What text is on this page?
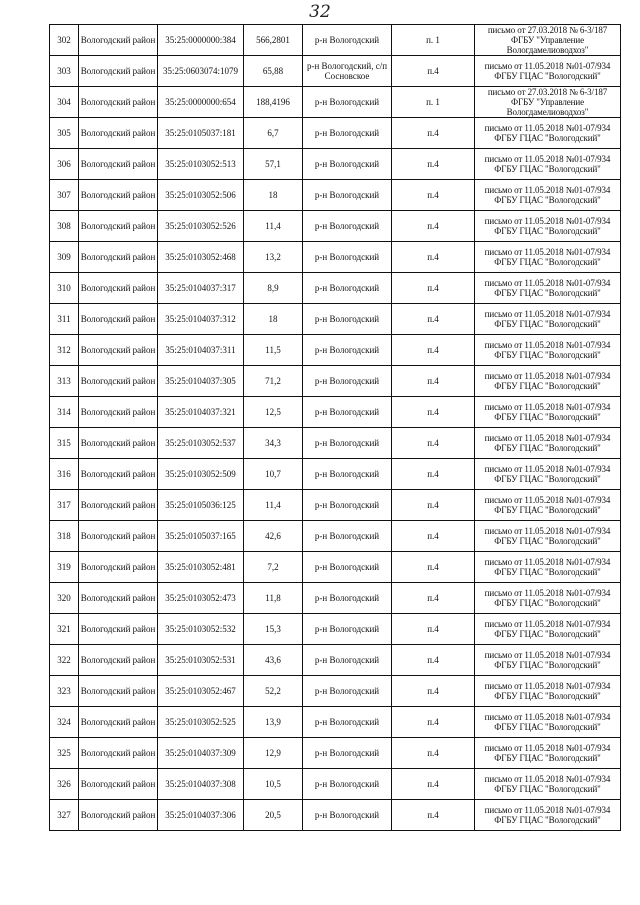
32
302	Вологодский район	35:25:0000000:384	566,2801	р-н Вологодский	п. 1	письмо от 27.03.2018 № 6-3/187 ФГБУ "Управление Вологдамелиоводхоз"
303	Вологодский район	35:25:0603074:1079	65,88	р-н Вологодский, с/п Сосновское	п.4	письмо от 11.05.2018 №01-07/934 ФГБУ ГЦАС "Вологодский"
304	Вологодский район	35:25:0000000:654	188,4196	р-н Вологодский	п. 1	письмо от 27.03.2018 № 6-3/187 ФГБУ "Управление Вологдамелиоводхоз"
305	Вологодский район	35:25:0105037:181	6,7	р-н Вологодский	п.4	письмо от 11.05.2018 №01-07/934 ФГБУ ГЦАС "Вологодский"
306	Вологодский район	35:25:0103052:513	57,1	р-н Вологодский	п.4	письмо от 11.05.2018 №01-07/934 ФГБУ ГЦАС "Вологодский"
307	Вологодский район	35:25:0103052:506	18	р-н Вологодский	п.4	письмо от 11.05.2018 №01-07/934 ФГБУ ГЦАС "Вологодский"
308	Вологодский район	35:25:0103052:526	11,4	р-н Вологодский	п.4	письмо от 11.05.2018 №01-07/934 ФГБУ ГЦАС "Вологодский"
309	Вологодский район	35:25:0103052:468	13,2	р-н Вологодский	п.4	письмо от 11.05.2018 №01-07/934 ФГБУ ГЦАС "Вологодский"
310	Вологодский район	35:25:0104037:317	8,9	р-н Вологодский	п.4	письмо от 11.05.2018 №01-07/934 ФГБУ ГЦАС "Вологодский"
311	Вологодский район	35:25:0104037:312	18	р-н Вологодский	п.4	письмо от 11.05.2018 №01-07/934 ФГБУ ГЦАС "Вологодский"
312	Вологодский район	35:25:0104037:311	11,5	р-н Вологодский	п.4	письмо от 11.05.2018 №01-07/934 ФГБУ ГЦАС "Вологодский"
313	Вологодский район	35:25:0104037:305	71,2	р-н Вологодский	п.4	письмо от 11.05.2018 №01-07/934 ФГБУ ГЦАС "Вологодский"
314	Вологодский район	35:25:0104037:321	12,5	р-н Вологодский	п.4	письмо от 11.05.2018 №01-07/934 ФГБУ ГЦАС "Вологодский"
315	Вологодский район	35:25:0103052:537	34,3	р-н Вологодский	п.4	письмо от 11.05.2018 №01-07/934 ФГБУ ГЦАС "Вологодский"
316	Вологодский район	35:25:0103052:509	10,7	р-н Вологодский	п.4	письмо от 11.05.2018 №01-07/934 ФГБУ ГЦАС "Вологодский"
317	Вологодский район	35:25:0105036:125	11,4	р-н Вологодский	п.4	письмо от 11.05.2018 №01-07/934 ФГБУ ГЦАС "Вологодский"
318	Вологодский район	35:25:0105037:165	42,6	р-н Вологодский	п.4	письмо от 11.05.2018 №01-07/934 ФГБУ ГЦАС "Вологодский"
319	Вологодский район	35:25:0103052:481	7,2	р-н Вологодский	п.4	письмо от 11.05.2018 №01-07/934 ФГБУ ГЦАС "Вологодский"
320	Вологодский район	35:25:0103052:473	11,8	р-н Вологодский	п.4	письмо от 11.05.2018 №01-07/934 ФГБУ ГЦАС "Вологодский"
321	Вологодский район	35:25:0103052:532	15,3	р-н Вологодский	п.4	письмо от 11.05.2018 №01-07/934 ФГБУ ГЦАС "Вологодский"
322	Вологодский район	35:25:0103052:531	43,6	р-н Вологодский	п.4	письмо от 11.05.2018 №01-07/934 ФГБУ ГЦАС "Вологодский"
323	Вологодский район	35:25:0103052:467	52,2	р-н Вологодский	п.4	письмо от 11.05.2018 №01-07/934 ФГБУ ГЦАС "Вологодский"
324	Вологодский район	35:25:0103052:525	13,9	р-н Вологодский	п.4	письмо от 11.05.2018 №01-07/934 ФГБУ ГЦАС "Вологодский"
325	Вологодский район	35:25:0104037:309	12,9	р-н Вологодский	п.4	письмо от 11.05.2018 №01-07/934 ФГБУ ГЦАС "Вологодский"
326	Вологодский район	35:25:0104037:308	10,5	р-н Вологодский	п.4	письмо от 11.05.2018 №01-07/934 ФГБУ ГЦАС "Вологодский"
327	Вологодский район	35:25:0104037:306	20,5	р-н Вологодский	п.4	письмо от 11.05.2018 №01-07/934 ФГБУ ГЦАС "Вологодский"
